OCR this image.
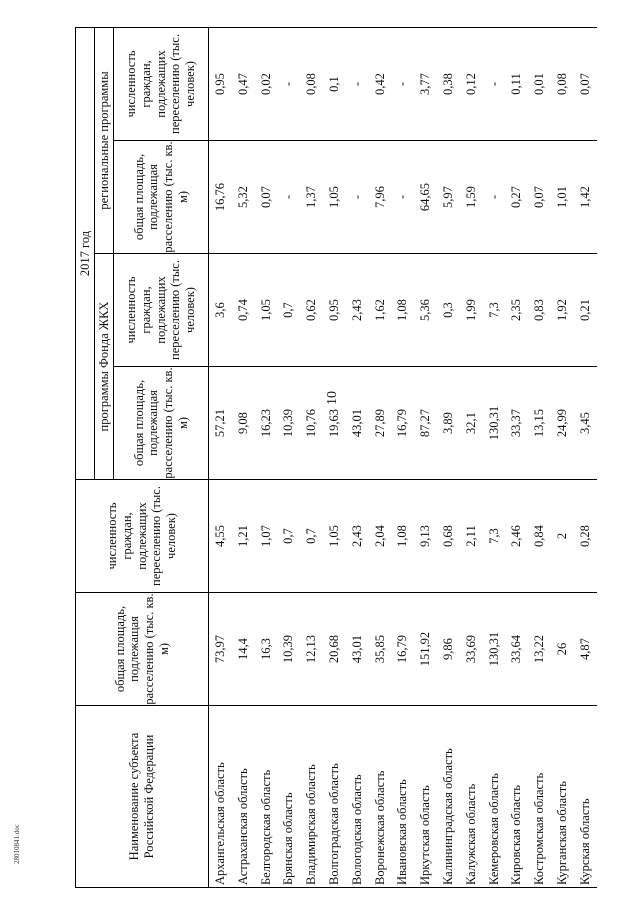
10
28010841.doc	Наименование субъекта Российской Федерации	общая площадь, подлежащая расселению (тыс. кв. м)	численность граждан, подлежащих переселению (тыс. человек)	2017 год			
			программы Фонда ЖКХ		региональные программы	
			общая площадь, подлежащая расселению (тыс. кв. м)	численность граждан, подлежащих переселению (тыс. человек)	общая площадь, подлежащая расселению (тыс. кв. м)	численность граждан, подлежащих переселению (тыс. человек)
Архангельская область	73,97	4,55	57,21	3,6	16,76	0,95
Астраханская область	14,4	1,21	9,08	0,74	5,32	0,47
Белгородская область	16,3	1,07	16,23	1,05	0,07	0,02
Брянская область	10,39	0,7	10,39	0,7	-	-
Владимирская область	12,13	0,7	10,76	0,62	1,37	0,08
Волгоградская область	20,68	1,05	19,63	0,95	1,05	0,1
Вологодская область	43,01	2,43	43,01	2,43	-	-
Воронежская область	35,85	2,04	27,89	1,62	7,96	0,42
Ивановская область	16,79	1,08	16,79	1,08	-	-
Иркутская область	151,92	9,13	87,27	5,36	64,65	3,77
Калининградская область	9,86	0,68	3,89	0,3	5,97	0,38
Калужская область	33,69	2,11	32,1	1,99	1,59	0,12
Кемеровская область	130,31	7,3	130,31	7,3	-	-
Кировская область	33,64	2,46	33,37	2,35	0,27	0,11
Костромская область	13,22	0,84	13,15	0,83	0,07	0,01
Курганская область	26	2	24,99	1,92	1,01	0,08
Курская область	4,87	0,28	3,45	0,21	1,42	0,07
